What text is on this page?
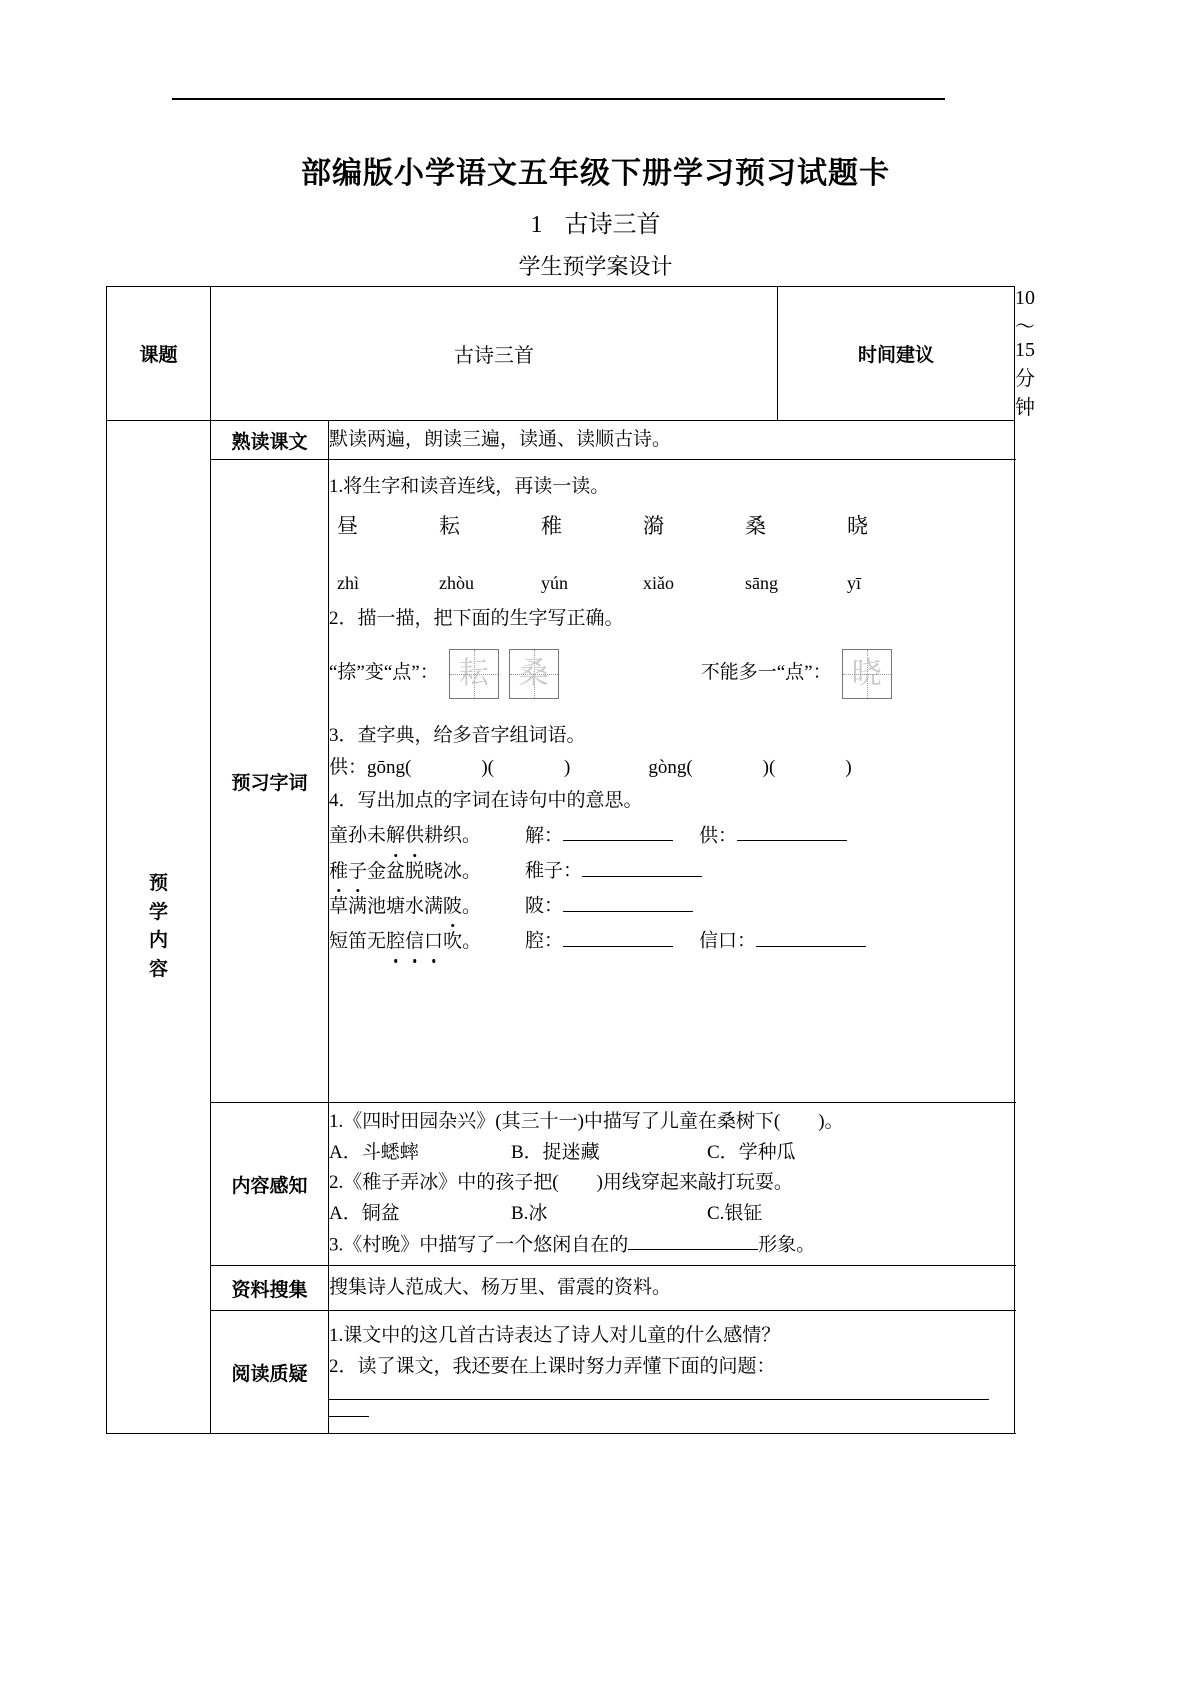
部编版小学语文五年级下册学习预习试题卡
1 古诗三首
学生预学案设计
课题	古诗三首		时间建议	10～15 分钟
预学内容	熟读课文	默读两遍，朗读三遍，读通、读顺古诗。		
预习字词	
1.将生字和读音连线，再读一读。
昼	耘	稚	漪	桑	晓
zhì	zhòu	yún	xiǎo	sāng	yī
2．描一描，把下面的生字写正确。
“捺”变“点”： 耘	桑	不能多一“点”： 晓
3．查字典，给多音字组词语。
供：gōng(	)(	)	gòng(	)(	)
4．写出加点的字词在诗句中的意思。
童孙未解供耕织。 解：	供：
稚子金盆脱晓冰。 稚子：
草满池塘水满陂。 陂：
短笛无腔信口吹。 腔：	信口：

	内容感知	1.《四时田园杂兴》(其三十一)中描写了儿童在桑树下(　　)。
A．斗蟋蟀 B．捉迷藏 C．学种瓜
2.《稚子弄冰》中的孩子把(　　)用线穿起来敲打玩耍。
A．铜盆 B.冰 C.银钲
3.《村晚》中描写了一个悠闲自在的 形象。		

	资料搜集	搜集诗人范成大、杨万里、雷震的资料。		
	阅读质疑	1.课文中的这几首古诗表达了诗人对儿童的什么感情？
2．读了课文，我还要在上课时努力弄懂下面的问题：		
